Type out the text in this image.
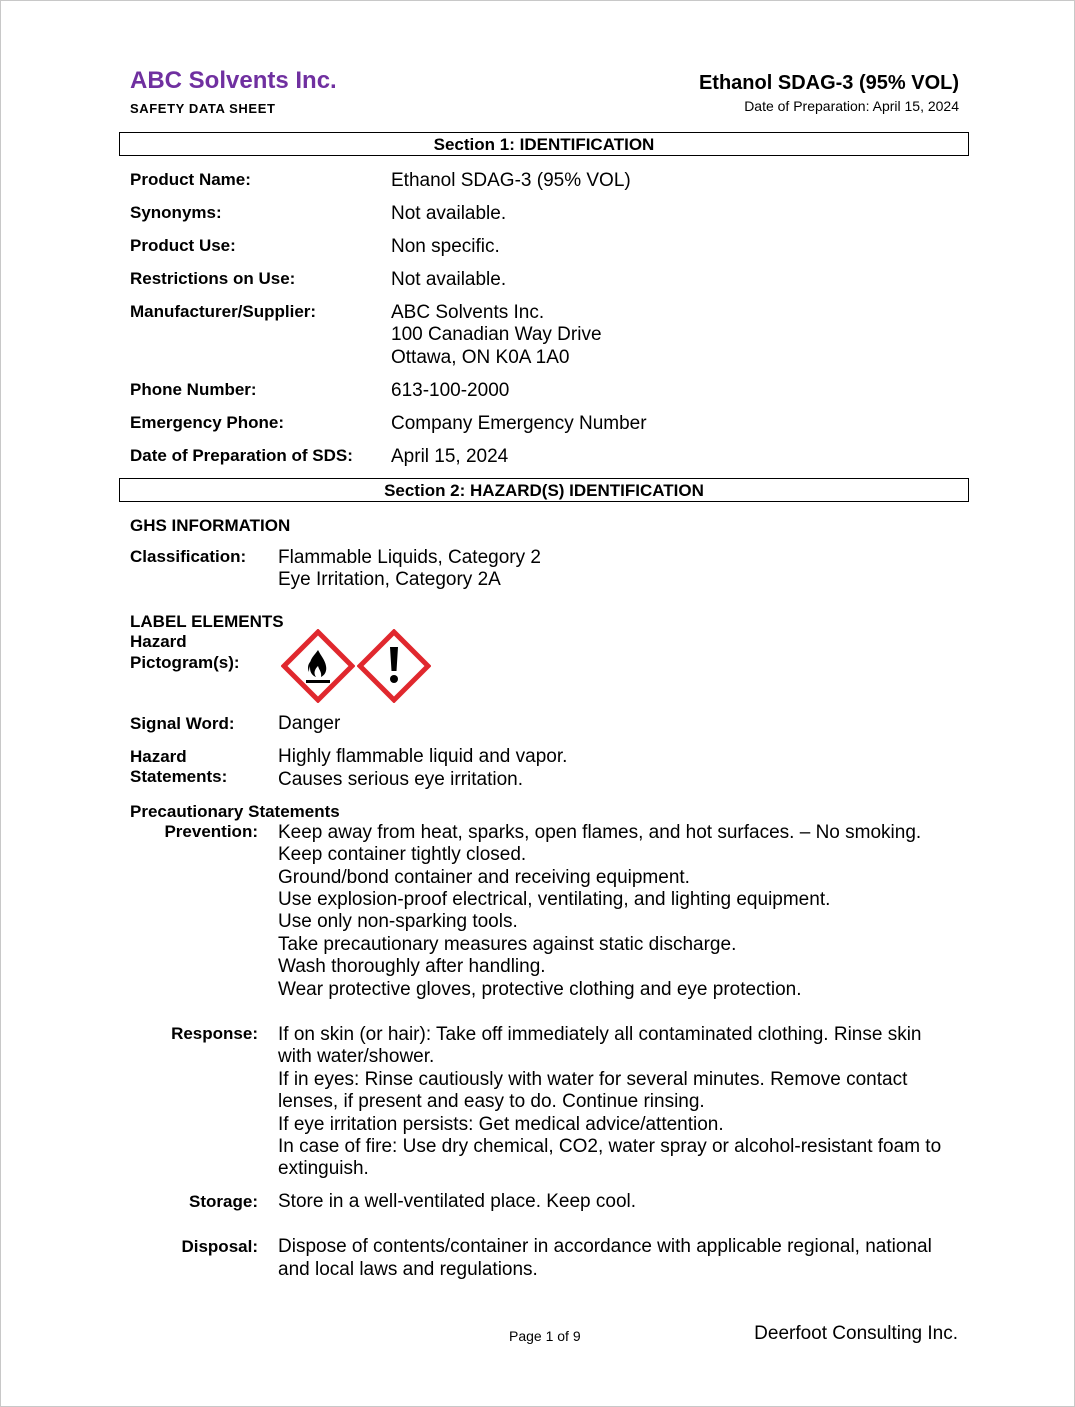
ABC Solvents Inc.
SAFETY DATA SHEET
Ethanol SDAG-3 (95% VOL)
Date of Preparation: April 15, 2024
Section 1: IDENTIFICATION
Product Name:	Ethanol SDAG-3 (95% VOL)
Synonyms:	Not available.
Product Use:	Non specific.
Restrictions on Use:	Not available.
Manufacturer/Supplier:	ABC Solvents Inc.
100 Canadian Way Drive
Ottawa, ON K0A 1A0
Phone Number:	613-100-2000
Emergency Phone:	Company Emergency Number
Date of Preparation of SDS: April 15, 2024
Section 2: HAZARD(S) IDENTIFICATION
GHS INFORMATION
Classification: Flammable Liquids, Category 2
Eye Irritation, Category 2A
LABEL ELEMENTS
Hazard
Pictogram(s):
Signal Word: Danger
Hazard
Statements:
Highly flammable liquid and vapor.
Causes serious eye irritation.
Precautionary Statements
Prevention: Keep away from heat, sparks, open flames, and hot surfaces. – No smoking.
Keep container tightly closed.
Ground/bond container and receiving equipment.
Use explosion-proof electrical, ventilating, and lighting equipment.
Use only non-sparking tools.
Take precautionary measures against static discharge.
Wash thoroughly after handling.
Wear protective gloves, protective clothing and eye protection.
Response: If on skin (or hair): Take off immediately all contaminated clothing. Rinse skin
with water/shower.
If in eyes: Rinse cautiously with water for several minutes. Remove contact
lenses, if present and easy to do. Continue rinsing.
If eye irritation persists: Get medical advice/attention.
In case of fire: Use dry chemical, CO2, water spray or alcohol-resistant foam to
extinguish.
Storage: Store in a well-ventilated place. Keep cool.
Disposal: Dispose of contents/container in accordance with applicable regional, national
and local laws and regulations.
Page 1 of 9	Deerfoot Consulting Inc.
